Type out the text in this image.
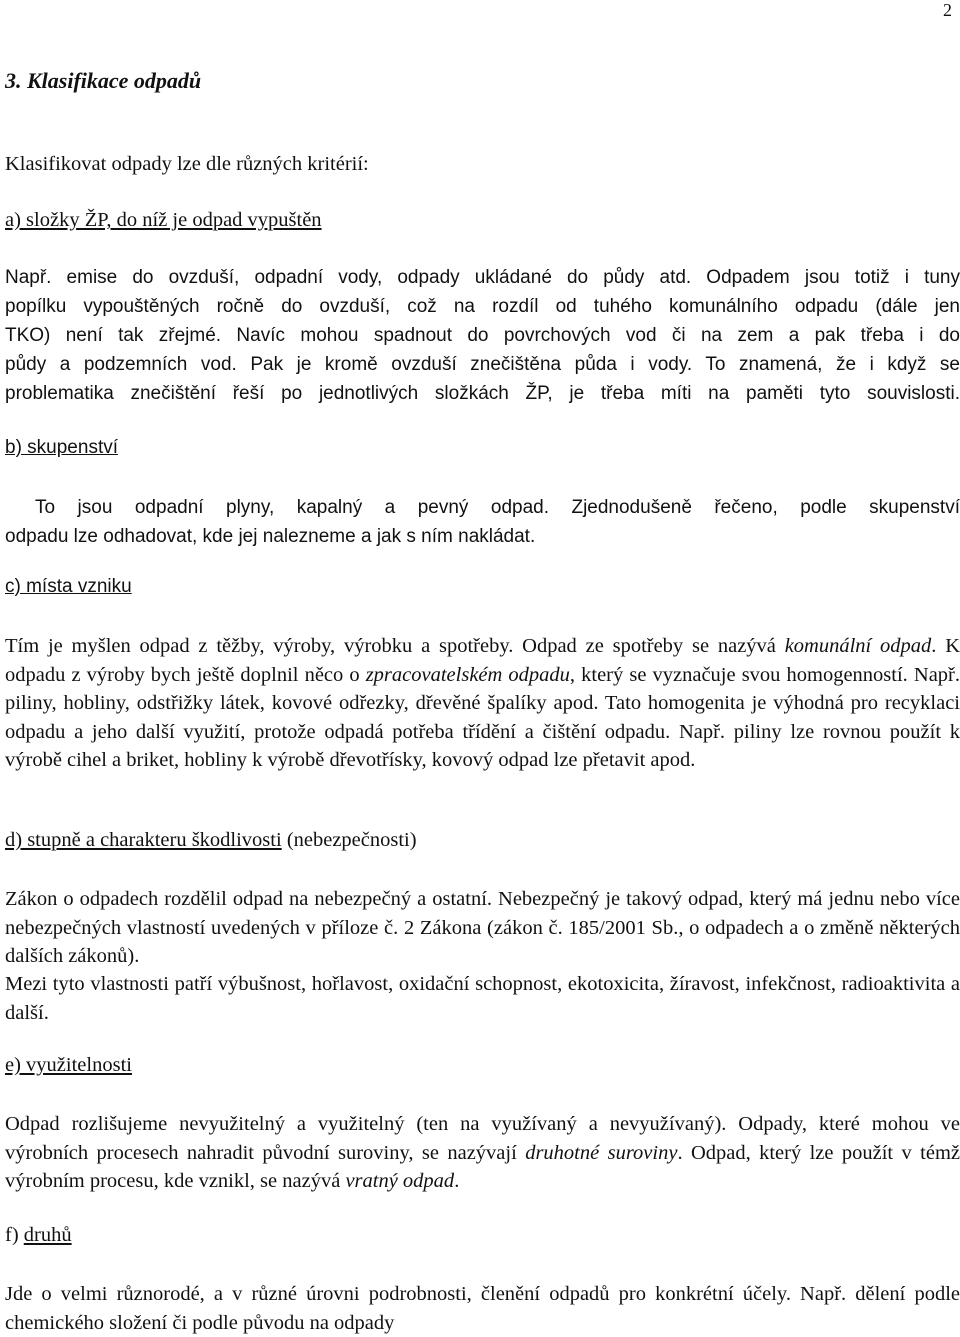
2
3. Klasifikace odpadů

Klasifikovat odpady lze dle různých kritérií:

a) složky ŽP, do níž je odpad vypuštěn

Např. emise do ovzduší, odpadní vody, odpady ukládané do půdy atd. Odpadem jsou totiž i tuny
popílku vypouštěných ročně do ovzduší, což na rozdíl od tuhého komunálního odpadu (dále jen
TKO) není tak zřejmé. Navíc mohou spadnout do povrchových vod či na zem a pak třeba i do
půdy a podzemních vod. Pak je kromě ovzduší znečištěna půda i vody. To znamená, že i když se
problematika znečištění řeší po jednotlivých složkách ŽP, je třeba míti na paměti tyto souvislosti.

b) skupenství

To jsou odpadní plyny, kapalný a pevný odpad. Zjednodušeně řečeno, podle skupenství
odpadu lze odhadovat, kde jej nalezneme a jak s ním nakládat.

c) místa vzniku

Tím je myšlen odpad z těžby, výroby, výrobku a spotřeby. Odpad ze spotřeby se nazývá komunální odpad. K odpadu z výroby bych ještě doplnil něco o zpracovatelském odpadu, který se vyznačuje svou homogenností. Např. piliny, hobliny, odstřižky látek, kovové odřezky, dřevěné špalíky apod. Tato homogenita je výhodná pro recyklaci odpadu a jeho další využití, protože odpadá potřeba třídění a čištění odpadu. Např. piliny lze rovnou použít k výrobě cihel a briket, hobliny k výrobě dřevotřísky, kovový odpad lze přetavit apod.

d) stupně a charakteru škodlivosti (nebezpečnosti)

Zákon o odpadech rozdělil odpad na nebezpečný a ostatní. Nebezpečný je takový odpad, který má jednu nebo více nebezpečných vlastností uvedených v příloze č. 2 Zákona (zákon č. 185/2001 Sb., o odpadech a o změně některých dalších zákonů).

Mezi tyto vlastnosti patří výbušnost, hořlavost, oxidační schopnost, ekotoxicita, žíravost, infekčnost, radioaktivita a další.

e) využitelnosti

Odpad rozlišujeme nevyužitelný a využitelný (ten na využívaný a nevyužívaný). Odpady, které mohou ve výrobních procesech nahradit původní suroviny, se nazývají druhotné suroviny. Odpad, který lze použít v témž výrobním procesu, kde vznikl, se nazývá vratný odpad.

f) druhů

Jde o velmi různorodé, a v různé úrovni podrobnosti, členění odpadů pro konkrétní účely. Např. dělení podle chemického složení či podle původu na odpady
